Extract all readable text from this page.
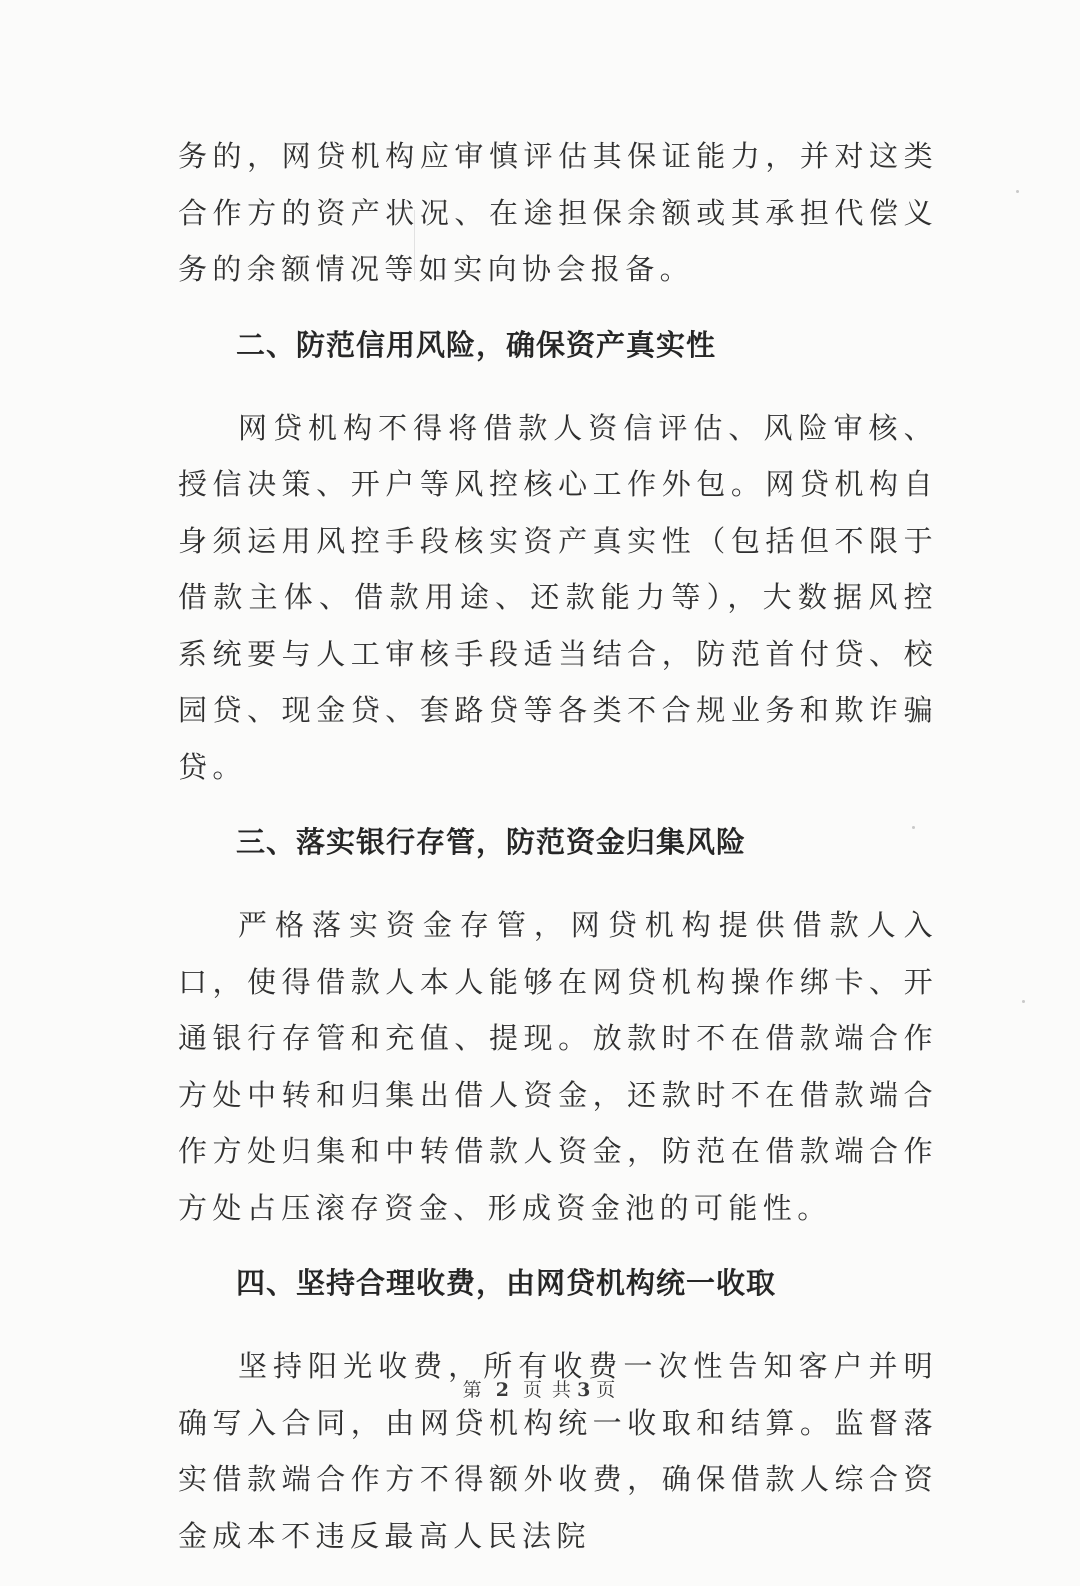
务的，网贷机构应审慎评估其保证能力，并对这类合作方的资产状况、在途担保余额或其承担代偿义务的余额情况等如实向协会报备。

二、防范信用风险，确保资产真实性

网贷机构不得将借款人资信评估、风险审核、授信决策、开户等风控核心工作外包。网贷机构自身须运用风控手段核实资产真实性（包括但不限于借款主体、借款用途、还款能力等），大数据风控系统要与人工审核手段适当结合，防范首付贷、校园贷、现金贷、套路贷等各类不合规业务和欺诈骗贷。

三、落实银行存管，防范资金归集风险

严格落实资金存管，网贷机构提供借款人入口，使得借款人本人能够在网贷机构操作绑卡、开通银行存管和充值、提现。放款时不在借款端合作方处中转和归集出借人资金，还款时不在借款端合作方处归集和中转借款人资金，防范在借款端合作方处占压滚存资金、形成资金池的可能性。

四、坚持合理收费，由网贷机构统一收取

坚持阳光收费，所有收费一次性告知客户并明确写入合同，由网贷机构统一收取和结算。监督落实借款端合作方不得额外收费，确保借款人综合资金成本不违反最高人民法院

第 2 页 共 3 页
